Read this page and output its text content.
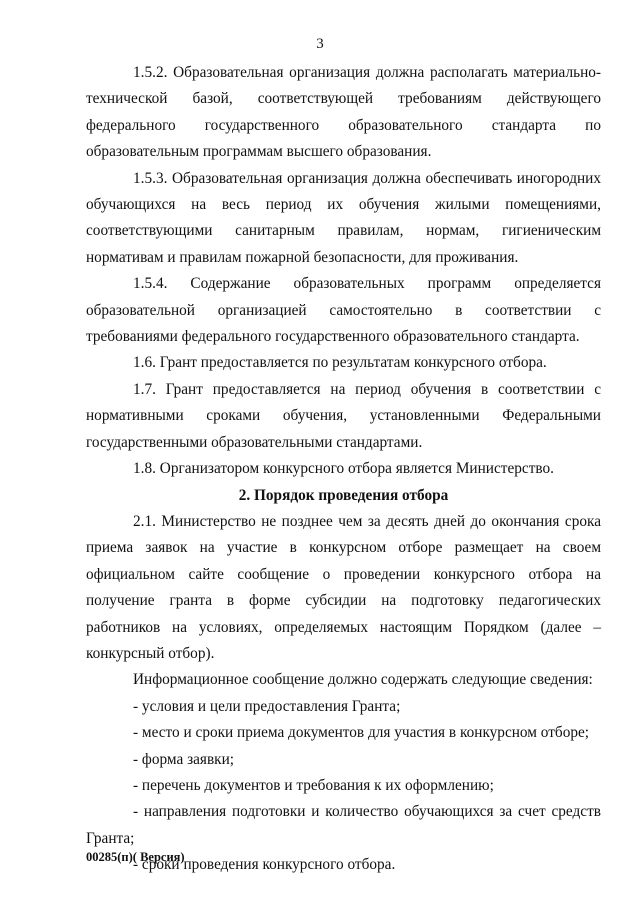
3

1.5.2. Образовательная организация должна располагать материально-технической базой, соответствующей требованиям действующего федерального государственного образовательного стандарта по образовательным программам высшего образования.

1.5.3. Образовательная организация должна обеспечивать иногородних обучающихся на весь период их обучения жилыми помещениями, соответствующими санитарным правилам, нормам, гигиеническим нормативам и правилам пожарной безопасности, для проживания.

1.5.4. Содержание образовательных программ определяется образовательной организацией самостоятельно в соответствии с требованиями федерального государственного образовательного стандарта.

1.6. Грант предоставляется по результатам конкурсного отбора.

1.7. Грант предоставляется на период обучения в соответствии с нормативными сроками обучения, установленными Федеральными государственными образовательными стандартами.

1.8. Организатором конкурсного отбора является Министерство.

2. Порядок проведения отбора

2.1. Министерство не позднее чем за десять дней до окончания срока приема заявок на участие в конкурсном отборе размещает на своем официальном сайте сообщение о проведении конкурсного отбора на получение гранта в форме субсидии на подготовку педагогических работников на условиях, определяемых настоящим Порядком (далее – конкурсный отбор).

Информационное сообщение должно содержать следующие сведения:

- условия и цели предоставления Гранта;

- место и сроки приема документов для участия в конкурсном отборе;

- форма заявки;

- перечень документов и требования к их оформлению;

- направления подготовки и количество обучающихся за счет средств Гранта;

- сроки проведения конкурсного отбора.

00285(п)( Версия)
